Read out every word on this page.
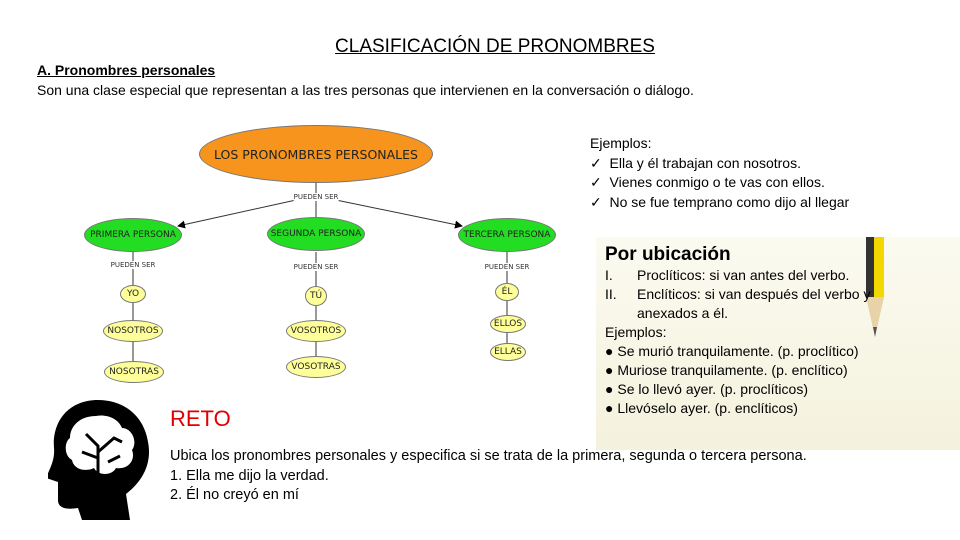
CLASIFICACIÓN DE PRONOMBRES
A. Pronombres personales
Son una clase especial que representan a las tres personas que intervienen en la conversación o diálogo.
LOS PRONOMBRES PERSONALES
PUEDEN SER
PRIMERA PERSONA	SEGUNDA PERSONA	TERCERA PERSONA
PUEDEN SER	PUEDEN SER	PUEDEN SER
YO
NOSOTROS
NOSOTRAS
TÚ
VOSOTROS
VOSOTRAS
ÉL
ELLOS
ELLAS
Ejemplos:
✓  Ella y él trabajan con nosotros.
✓  Vienes conmigo o te vas con ellos.
✓  No se fue temprano como dijo al llegar
Por ubicación
I.	Proclíticos: si van antes del verbo.
II.	Enclíticos: si van después del verbo y anexados a él.
Ejemplos:
● Se murió tranquilamente. (p. proclítico)
● Muriose tranquilamente. (p. enclítico)
● Se lo llevó ayer. (p. proclíticos)
● Llevóselo ayer. (p. enclíticos)
RETO
Ubica los pronombres personales y especifica si se trata de la primera, segunda o tercera persona.
1. Ella me dijo la verdad.
2. Él no creyó en mí
